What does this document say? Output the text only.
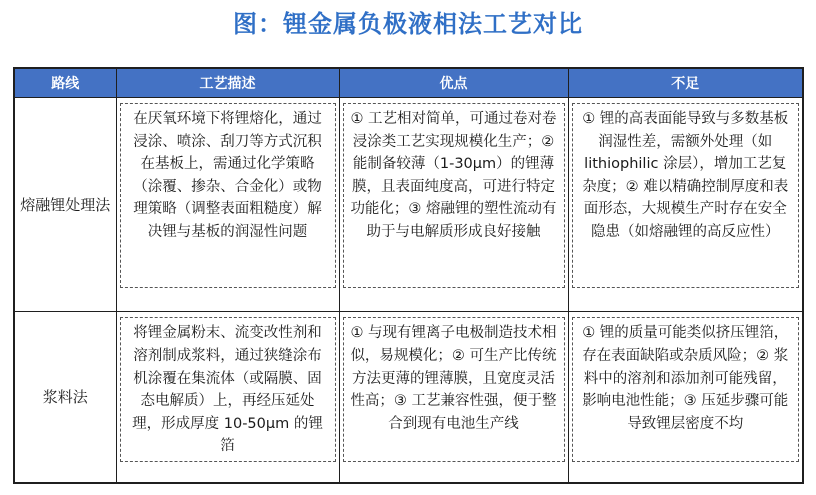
图：锂金属负极液相法工艺对比
路线	工艺描述	优点	不足
熔融锂处理法	在厌氧环境下将锂熔化，通过浸涂、喷涂、刮刀等方式沉积在基板上，需通过化学策略（涂覆、掺杂、合金化）或物理策略（调整表面粗糙度）解决锂与基板的润湿性问题	① 工艺相对简单，可通过卷对卷浸涂类工艺实现规模化生产；② 能制备较薄（1-30μm）的锂薄膜，且表面纯度高，可进行特定功能化；③ 熔融锂的塑性流动有助于与电解质形成良好接触	① 锂的高表面能导致与多数基板润湿性差，需额外处理（如 lithiophilic 涂层），增加工艺复杂度；② 难以精确控制厚度和表面形态，大规模生产时存在安全隐患（如熔融锂的高反应性）

浆料法	将锂金属粉末、流变改性剂和溶剂制成浆料，通过狭缝涂布机涂覆在集流体（或隔膜、固态电解质）上，再经压延处理，形成厚度 10-50μm 的锂箔	① 与现有锂离子电极制造技术相似，易规模化；② 可生产比传统方法更薄的锂薄膜，且宽度灵活性高；③ 工艺兼容性强，便于整合到现有电池生产线	① 锂的质量可能类似挤压锂箔，存在表面缺陷或杂质风险；② 浆料中的溶剂和添加剂可能残留，影响电池性能；③ 压延步骤可能导致锂层密度不均
